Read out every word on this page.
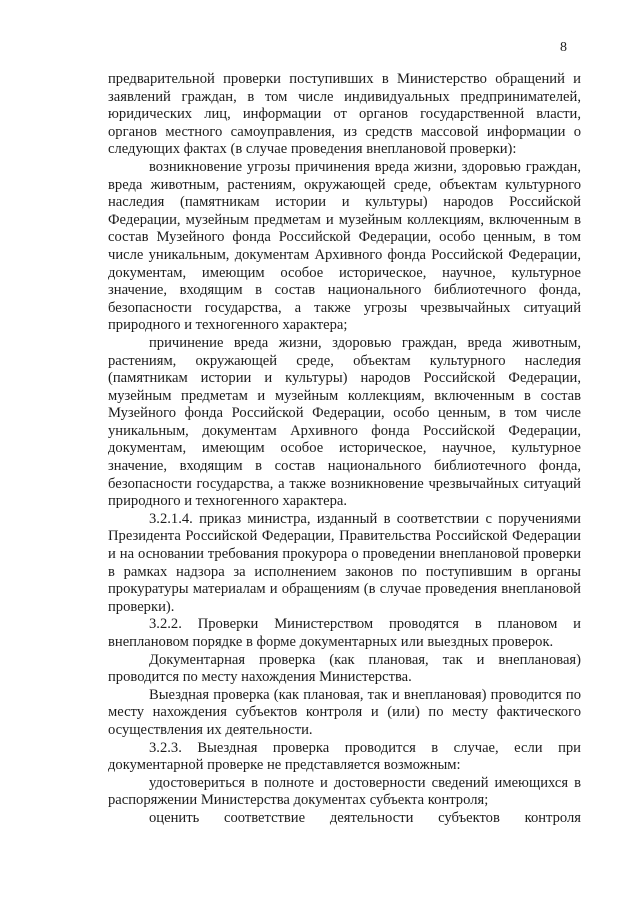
8

предварительной проверки поступивших в Министерство обращений и заявлений граждан, в том числе индивидуальных предпринимателей, юридических лиц, информации от органов государственной власти, органов местного самоуправления, из средств массовой информации о следующих фактах (в случае проведения внеплановой проверки):

возникновение угрозы причинения вреда жизни, здоровью граждан, вреда животным, растениям, окружающей среде, объектам культурного наследия (памятникам истории и культуры) народов Российской Федерации, музейным предметам и музейным коллекциям, включенным в состав Музейного фонда Российской Федерации, особо ценным, в том числе уникальным, документам Архивного фонда Российской Федерации, документам, имеющим особое историческое, научное, культурное значение, входящим в состав национального библиотечного фонда, безопасности государства, а также угрозы чрезвычайных ситуаций природного и техногенного характера;

причинение вреда жизни, здоровью граждан, вреда животным, растениям, окружающей среде, объектам культурного наследия (памятникам истории и культуры) народов Российской Федерации, музейным предметам и музейным коллекциям, включенным в состав Музейного фонда Российской Федерации, особо ценным, в том числе уникальным, документам Архивного фонда Российской Федерации, документам, имеющим особое историческое, научное, культурное значение, входящим в состав национального библиотечного фонда, безопасности государства, а также возникновение чрезвычайных ситуаций природного и техногенного характера.

3.2.1.4. приказ министра, изданный в соответствии с поручениями Президента Российской Федерации, Правительства Российской Федерации и на основании требования прокурора о проведении внеплановой проверки в рамках надзора за исполнением законов по поступившим в органы прокуратуры материалам и обращениям (в случае проведения внеплановой проверки).

3.2.2. Проверки Министерством проводятся в плановом и внеплановом порядке в форме документарных или выездных проверок.

Документарная проверка (как плановая, так и внеплановая) проводится по месту нахождения Министерства.

Выездная проверка (как плановая, так и внеплановая) проводится по месту нахождения субъектов контроля и (или) по месту фактического осуществления их деятельности.

3.2.3. Выездная проверка проводится в случае, если при документарной проверке не представляется возможным:

удостовериться в полноте и достоверности сведений имеющихся в распоряжении Министерства документах субъекта контроля;

оценить соответствие деятельности субъектов контроля
